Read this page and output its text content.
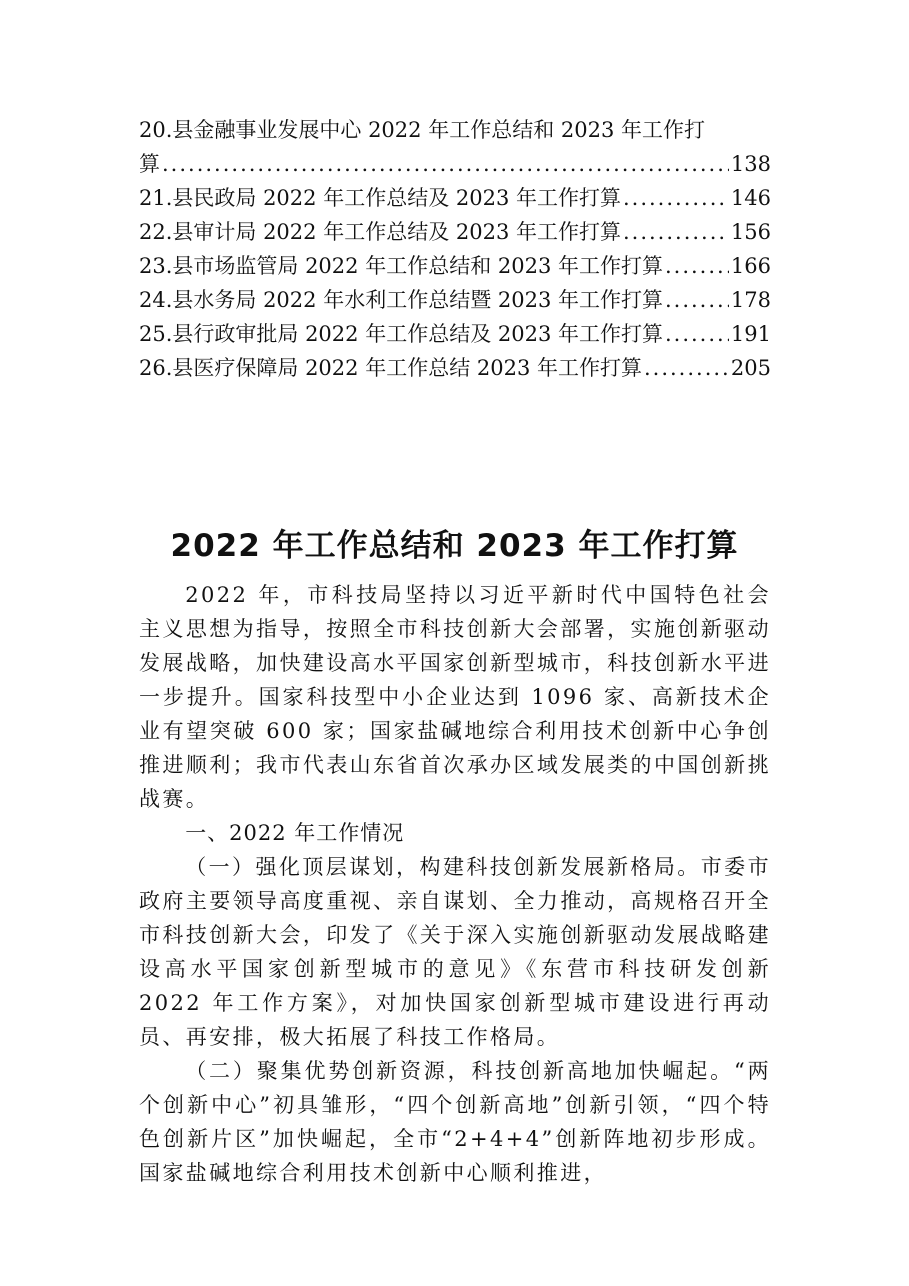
20.县金融事业发展中心 2022 年工作总结和 2023 年工作打
算 .....	138
21.县民政局 2022 年工作总结及 2023 年工作打算 .....	146
22.县审计局 2022 年工作总结及 2023 年工作打算 .....	156
23.县市场监管局 2022 年工作总结和 2023 年工作打算 .....	166
24.县水务局 2022 年水利工作总结暨 2023 年工作打算 .....	178
25.县行政审批局 2022 年工作总结及 2023 年工作打算 .....	191
26.县医疗保障局 2022 年工作总结 2023 年工作打算 .....	205
2022 年工作总结和 2023 年工作打算

2022 年，市科技局坚持以习近平新时代中国特色社会主义思想为指导，按照全市科技创新大会部署，实施创新驱动发展战略，加快建设高水平国家创新型城市，科技创新水平进一步提升。国家科技型中小企业达到 1096 家、高新技术企业有望突破 600 家；国家盐碱地综合利用技术创新中心争创推进顺利；我市代表山东省首次承办区域发展类的中国创新挑战赛。

一、2022 年工作情况

（一）强化顶层谋划，构建科技创新发展新格局。市委市政府主要领导高度重视、亲自谋划、全力推动，高规格召开全市科技创新大会，印发了《关于深入实施创新驱动发展战略建设高水平国家创新型城市的意见》《东营市科技研发创新 2022 年工作方案》，对加快国家创新型城市建设进行再动员、再安排，极大拓展了科技工作格局。

（二）聚集优势创新资源，科技创新高地加快崛起。“两个创新中心”初具雏形，“四个创新高地”创新引领，“四个特色创新片区”加快崛起，全市“2+4+4”创新阵地初步形成。国家盐碱地综合利用技术创新中心顺利推进，
